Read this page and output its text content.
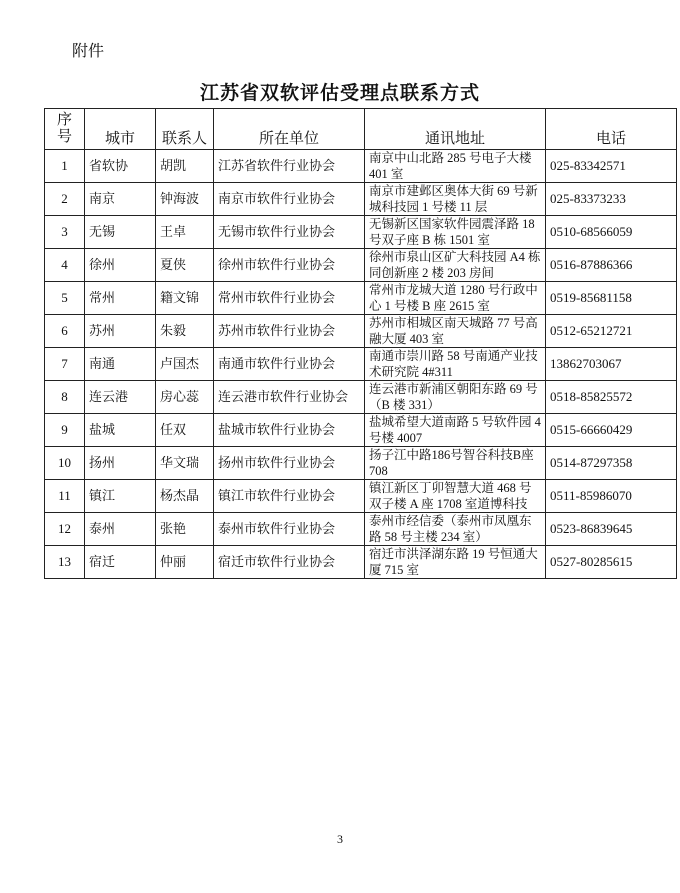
附件
江苏省双软评估受理点联系方式
序号	城市	联系人	所在单位	通讯地址	电话
1	省软协	胡凯	江苏省软件行业协会	南京中山北路 285 号电子大楼 401 室	025-83342571
2	南京	钟海波	南京市软件行业协会	南京市建邺区奥体大街 69 号新城科技园 1 号楼 11 层	025-83373233
3	无锡	王卓	无锡市软件行业协会	无锡新区国家软件园震泽路 18 号双子座 B 栋 1501 室	0510-68566059
4	徐州	夏侠	徐州市软件行业协会	徐州市泉山区矿大科技园 A4 栋同创新座 2 楼 203 房间	0516-87886366
5	常州	籍文锦	常州市软件行业协会	常州市龙城大道 1280 号行政中心 1 号楼 B 座 2615 室	0519-85681158
6	苏州	朱毅	苏州市软件行业协会	苏州市相城区南天城路 77 号高融大厦 403 室	0512-65212721
7	南通	卢国杰	南通市软件行业协会	南通市崇川路 58 号南通产业技术研究院 4#311	13862703067
8	连云港	房心蕊	连云港市软件行业协会	连云港市新浦区朝阳东路 69 号（B 楼 331）	0518-85825572
9	盐城	任双	盐城市软件行业协会	盐城希望大道南路 5 号软件园 4 号楼 4007	0515-66660429
10	扬州	华文瑞	扬州市软件行业协会	扬子江中路186号智谷科技B座708	0514-87297358
11	镇江	杨杰晶	镇江市软件行业协会	镇江新区丁卯智慧大道 468 号双子楼 A 座 1708 室道博科技	0511-85986070
12	泰州	张艳	泰州市软件行业协会	泰州市经信委（泰州市凤凰东路 58 号主楼 234 室）	0523-86839645
13	宿迁	仲丽	宿迁市软件行业协会	宿迁市洪泽湖东路 19 号恒通大厦 715 室	0527-80285615
3
